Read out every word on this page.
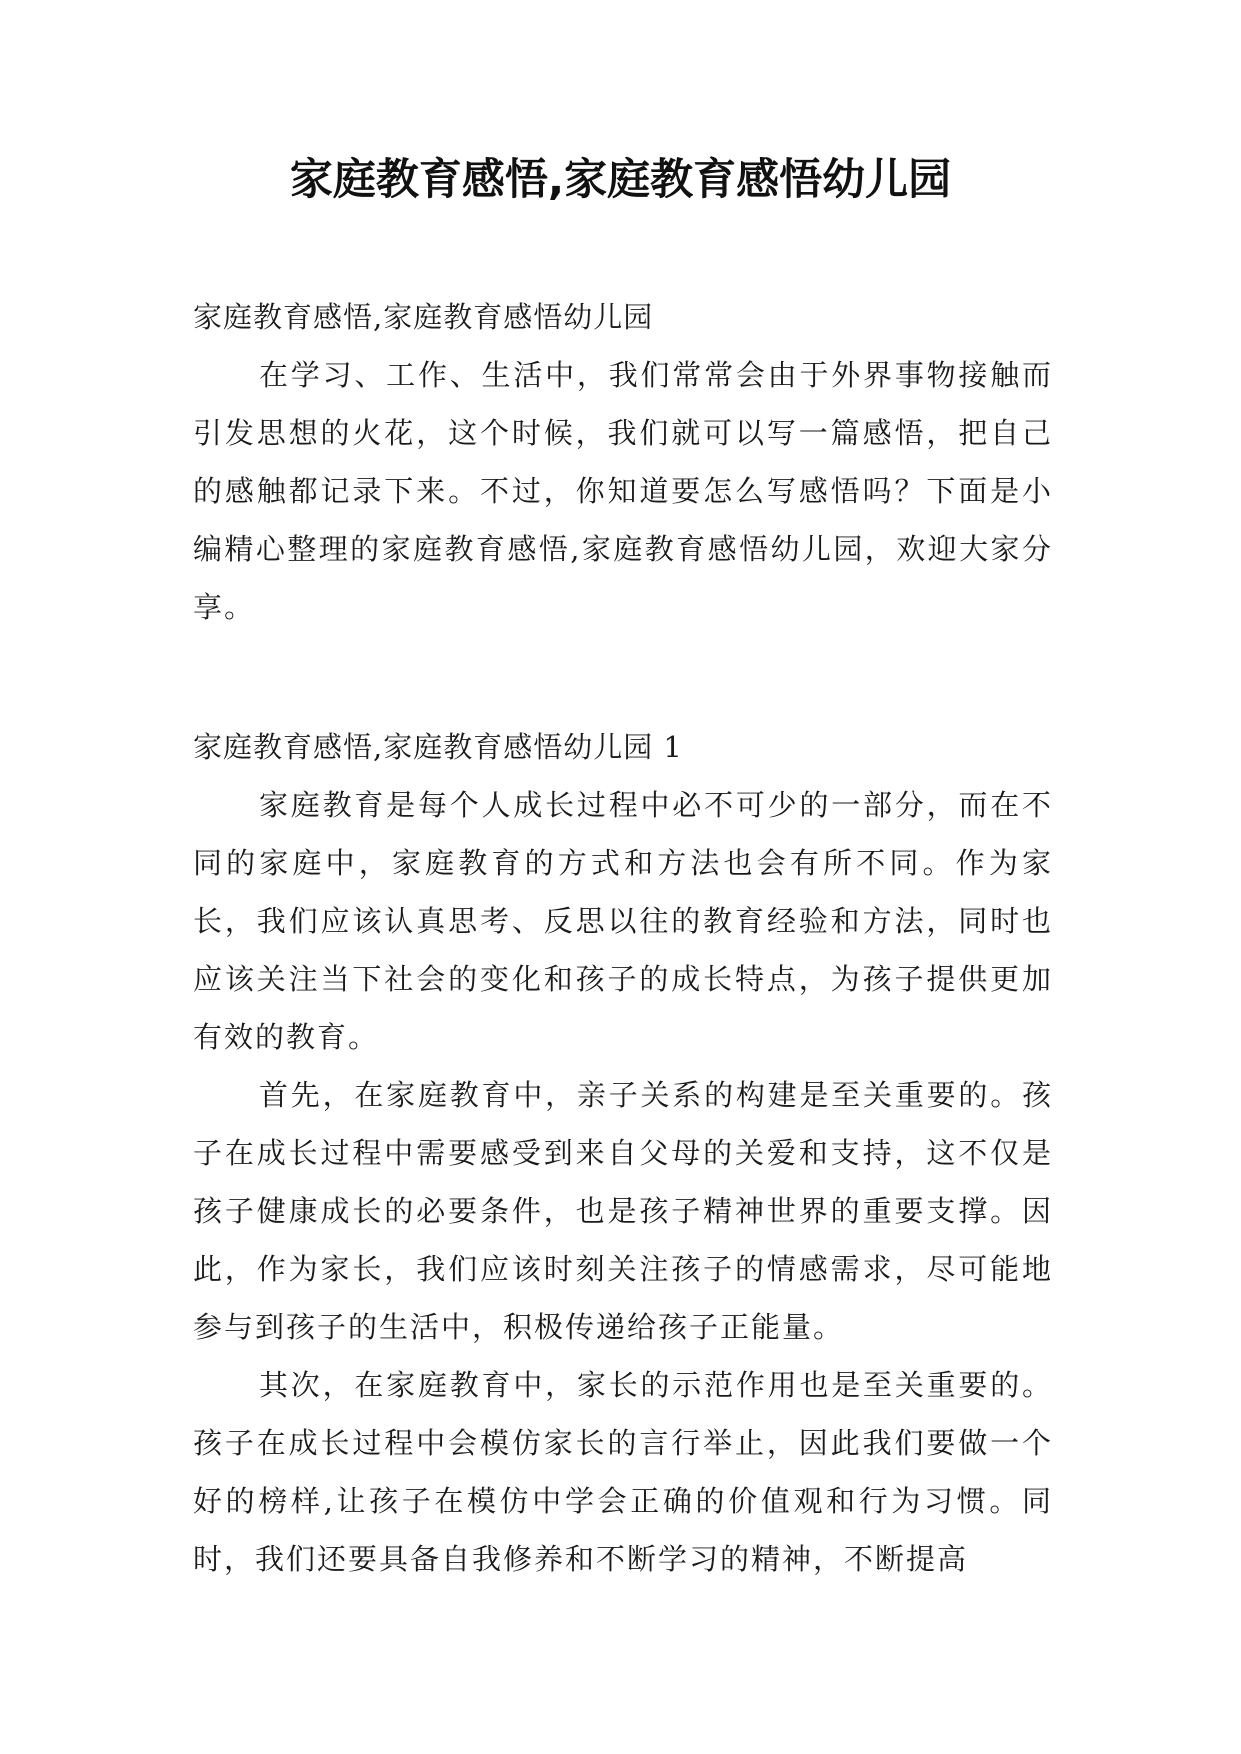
家庭教育感悟,家庭教育感悟幼儿园

家庭教育感悟,家庭教育感悟幼儿园

在学习、工作、生活中，我们常常会由于外界事物接触而引发思想的火花，这个时候，我们就可以写一篇感悟，把自己的感触都记录下来。不过，你知道要怎么写感悟吗？下面是小编精心整理的家庭教育感悟,家庭教育感悟幼儿园，欢迎大家分享。

家庭教育感悟,家庭教育感悟幼儿园 1

家庭教育是每个人成长过程中必不可少的一部分，而在不同的家庭中，家庭教育的方式和方法也会有所不同。作为家长，我们应该认真思考、反思以往的教育经验和方法，同时也应该关注当下社会的变化和孩子的成长特点，为孩子提供更加有效的教育。

首先，在家庭教育中，亲子关系的构建是至关重要的。孩子在成长过程中需要感受到来自父母的关爱和支持，这不仅是孩子健康成长的必要条件，也是孩子精神世界的重要支撑。因此，作为家长，我们应该时刻关注孩子的情感需求，尽可能地参与到孩子的生活中，积极传递给孩子正能量。

其次，在家庭教育中，家长的示范作用也是至关重要的。孩子在成长过程中会模仿家长的言行举止，因此我们要做一个好的榜样,让孩子在模仿中学会正确的价值观和行为习惯。同时，我们还要具备自我修养和不断学习的精神，不断提高
